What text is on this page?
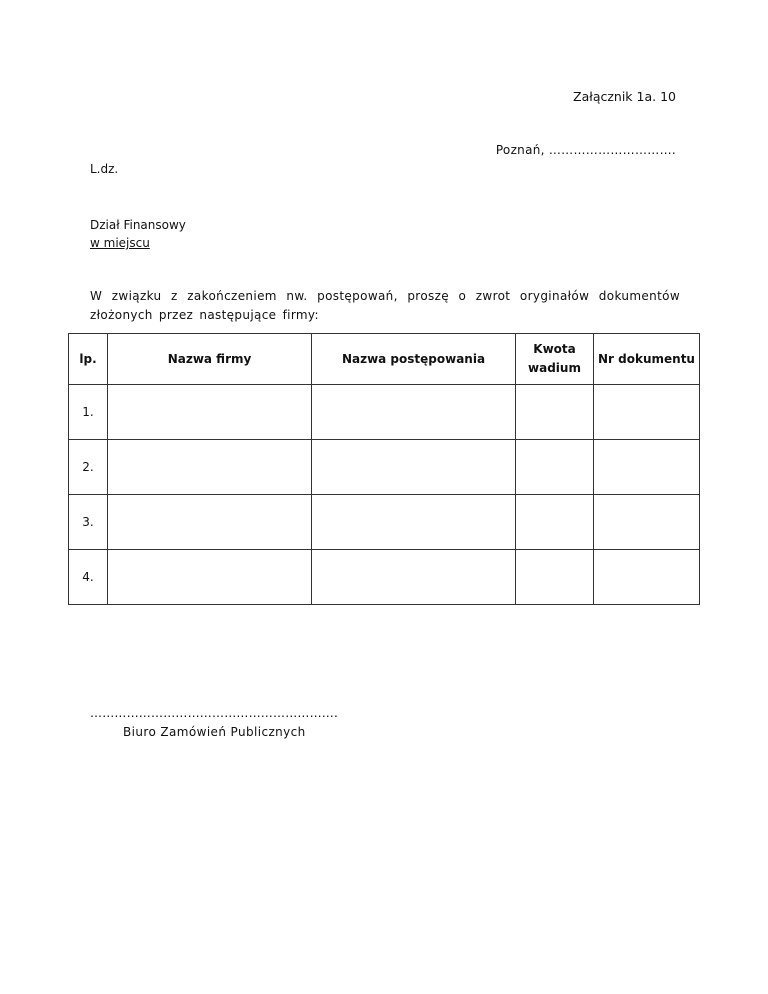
Załącznik 1a. 10
Poznań, ………………………….
L.dz.
Dział Finansowy
w miejscu
W związku z zakończeniem nw. postępowań, proszę o zwrot oryginałów dokumentów złożonych przez następujące firmy:
lp.	Nazwa firmy	Nazwa postępowania	Kwota wadium	Nr dokumentu
1.				
2.				
3.				
4.				
…………………………………………………….
Biuro Zamówień Publicznych
